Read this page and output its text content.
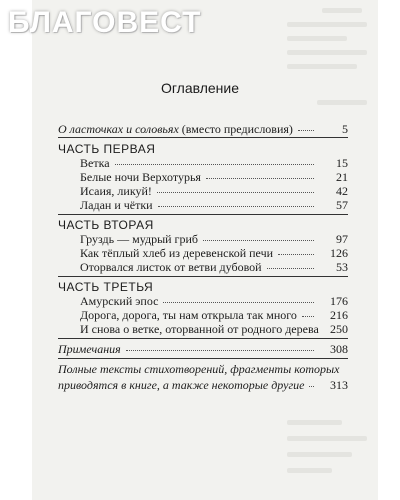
БЛАГОВЕСТ
Оглавление
О ласточках и соловьях (вместо предисловия)	5
ЧАСТЬ ПЕРВАЯ
Ветка	15
Белые ночи Верхотурья	21
Исаия, ликуй!	42
Ладан и чётки	57
ЧАСТЬ ВТОРАЯ
Груздь — мудрый гриб	97
Как тёплый хлеб из деревенской печи	126
Оторвался листок от ветви дубовой	53
ЧАСТЬ ТРЕТЬЯ
Амурский эпос	176
Дорога, дорога, ты нам открыла так много	216
И снова о ветке, оторванной от родного дерева 250
Примечания	308
Полные тексты стихотворений, фрагменты которых
приводятся в книге, а также некоторые другие	313
